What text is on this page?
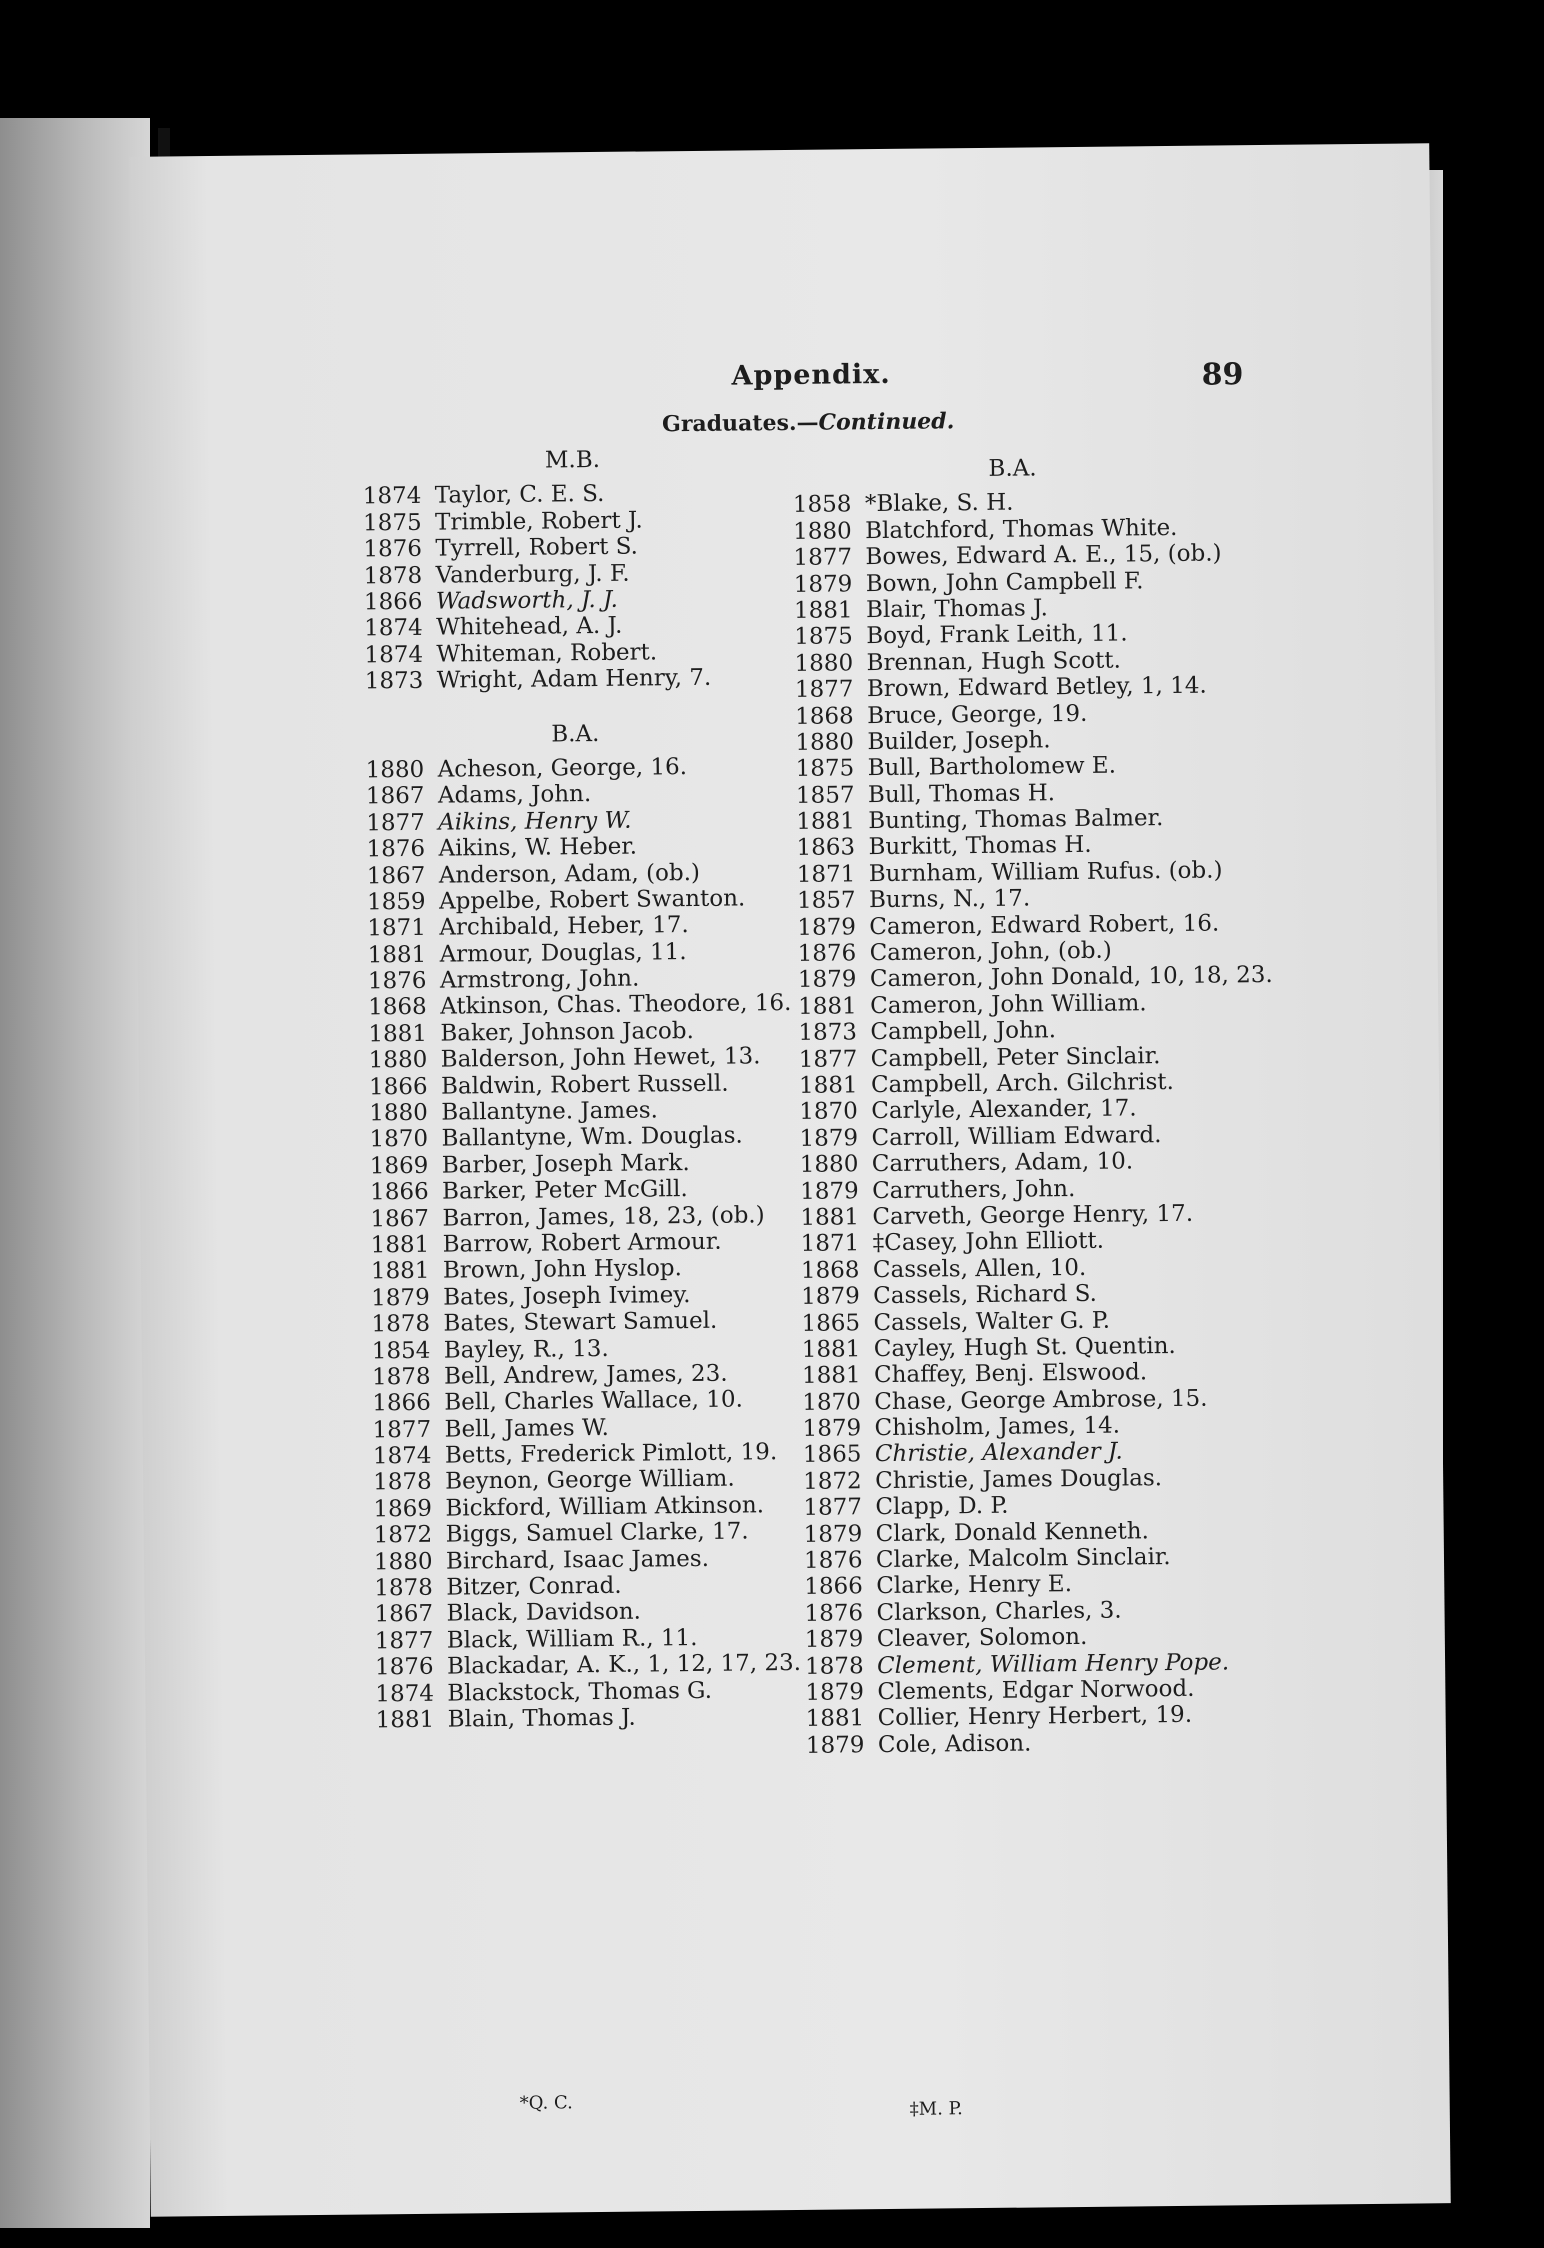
Appendix.	89
Graduates.—Continued.
M.B.
1874 Taylor, C. E. S.
1875 Trimble, Robert J.
1876 Tyrrell, Robert S.
1878 Vanderburg, J. F.
1866 Wadsworth, J. J.
1874 Whitehead, A. J.
1874 Whiteman, Robert.
1873 Wright, Adam Henry, 7.
B.A.
1880 Acheson, George, 16.
1867 Adams, John.
1877 Aikins, Henry W.
1876 Aikins, W. Heber.
1867 Anderson, Adam, (ob.)
1859 Appelbe, Robert Swanton.
1871 Archibald, Heber, 17.
1881 Armour, Douglas, 11.
1876 Armstrong, John.
1868 Atkinson, Chas. Theodore, 16.
1881 Baker, Johnson Jacob.
1880 Balderson, John Hewet, 13.
1866 Baldwin, Robert Russell.
1880 Ballantyne. James.
1870 Ballantyne, Wm. Douglas.
1869 Barber, Joseph Mark.
1866 Barker, Peter McGill.
1867 Barron, James, 18, 23, (ob.)
1881 Barrow, Robert Armour.
1881 Brown, John Hyslop.
1879 Bates, Joseph Ivimey.
1878 Bates, Stewart Samuel.
1854 Bayley, R., 13.
1878 Bell, Andrew, James, 23.
1866 Bell, Charles Wallace, 10.
1877 Bell, James W.
1874 Betts, Frederick Pimlott, 19.
1878 Beynon, George William.
1869 Bickford, William Atkinson.
1872 Biggs, Samuel Clarke, 17.
1880 Birchard, Isaac James.
1878 Bitzer, Conrad.
1867 Black, Davidson.
1877 Black, William R., 11.
1876 Blackadar, A. K., 1, 12, 17, 23.
1874 Blackstock, Thomas G.
1881 Blain, Thomas J.
B.A.
1858 *Blake, S. H.
1880 Blatchford, Thomas White.
1877 Bowes, Edward A. E., 15, (ob.)
1879 Bown, John Campbell F.
1881 Blair, Thomas J.
1875 Boyd, Frank Leith, 11.
1880 Brennan, Hugh Scott.
1877 Brown, Edward Betley, 1, 14.
1868 Bruce, George, 19.
1880 Builder, Joseph.
1875 Bull, Bartholomew E.
1857 Bull, Thomas H.
1881 Bunting, Thomas Balmer.
1863 Burkitt, Thomas H.
1871 Burnham, William Rufus. (ob.)
1857 Burns, N., 17.
1879 Cameron, Edward Robert, 16.
1876 Cameron, John, (ob.)
1879 Cameron, John Donald, 10, 18, 23.
1881 Cameron, John William.
1873 Campbell, John.
1877 Campbell, Peter Sinclair.
1881 Campbell, Arch. Gilchrist.
1870 Carlyle, Alexander, 17.
1879 Carroll, William Edward.
1880 Carruthers, Adam, 10.
1879 Carruthers, John.
1881 Carveth, George Henry, 17.
1871 ‡Casey, John Elliott.
1868 Cassels, Allen, 10.
1879 Cassels, Richard S.
1865 Cassels, Walter G. P.
1881 Cayley, Hugh St. Quentin.
1881 Chaffey, Benj. Elswood.
1870 Chase, George Ambrose, 15.
1879 Chisholm, James, 14.
1865 Christie, Alexander J.
1872 Christie, James Douglas.
1877 Clapp, D. P.
1879 Clark, Donald Kenneth.
1876 Clarke, Malcolm Sinclair.
1866 Clarke, Henry E.
1876 Clarkson, Charles, 3.
1879 Cleaver, Solomon.
1878 Clement, William Henry Pope.
1879 Clements, Edgar Norwood.
1881 Collier, Henry Herbert, 19.
1879 Cole, Adison.
*Q. C.	‡M. P.
